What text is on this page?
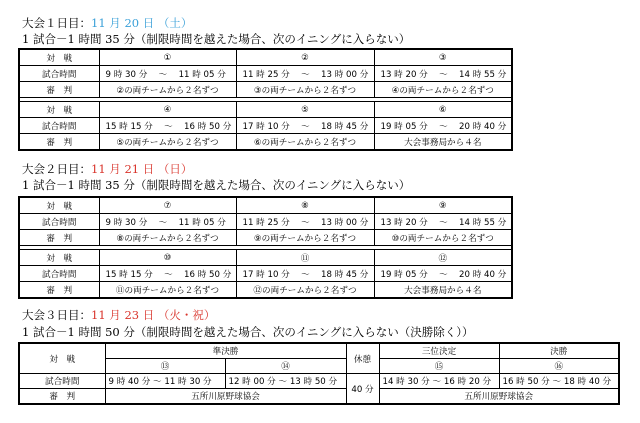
大会１日目：11 月 20 日 （土）
1 試合－1 時間 35 分（制限時間を越えた場合、次のイニングに入らない）
対　戦	①	②	③
試合時間	9 時 30 分　 ～　 11 時 05 分	11 時 25 分　 ～　 13 時 00 分	13 時 20 分　 ～　 14 時 55 分
審　判	②の両チームから２名ずつ	③の両チームから２名ずつ	④の両チームから２名ずつ

対　戦	④	⑤	⑥
試合時間	15 時 15 分　 ～　 16 時 50 分	17 時 10 分　 ～　 18 時 45 分	19 時 05 分　 ～　 20 時 40 分
審　判	⑤の両チームから２名ずつ	⑥の両チームから２名ずつ	大会事務局から４名
大会２日目：11 月 21 日 （日）
1 試合－1 時間 35 分（制限時間を越えた場合、次のイニングに入らない）
対　戦	⑦	⑧	⑨
試合時間	9 時 30 分　 ～　 11 時 05 分	11 時 25 分　 ～　 13 時 00 分	13 時 20 分　 ～　 14 時 55 分
審　判	⑧の両チームから２名ずつ	⑨の両チームから２名ずつ	⑩の両チームから２名ずつ

対　戦	⑩	⑪	⑫
試合時間	15 時 15 分　 ～　 16 時 50 分	17 時 10 分　 ～　 18 時 45 分	19 時 05 分　 ～　 20 時 40 分
審　判	⑪の両チームから２名ずつ	⑫の両チームから２名ずつ	大会事務局から４名
大会３日目：11 月 23 日 （火・祝）
1 試合－1 時間 50 分（制限時間を越えた場合、次のイニングに入らない（決勝除く））
対　戦	準決勝		休憩	三位決定	決勝
	⑬	⑭		⑮	⑯
試合時間	9 時 40 分 ～ 11 時 30 分	12 時 00 分 ～ 13 時 50 分	40 分	14 時 30 分 ～ 16 時 20 分	16 時 50 分 ～ 18 時 40 分
審　判	五所川原野球協会			五所川原野球協会	
